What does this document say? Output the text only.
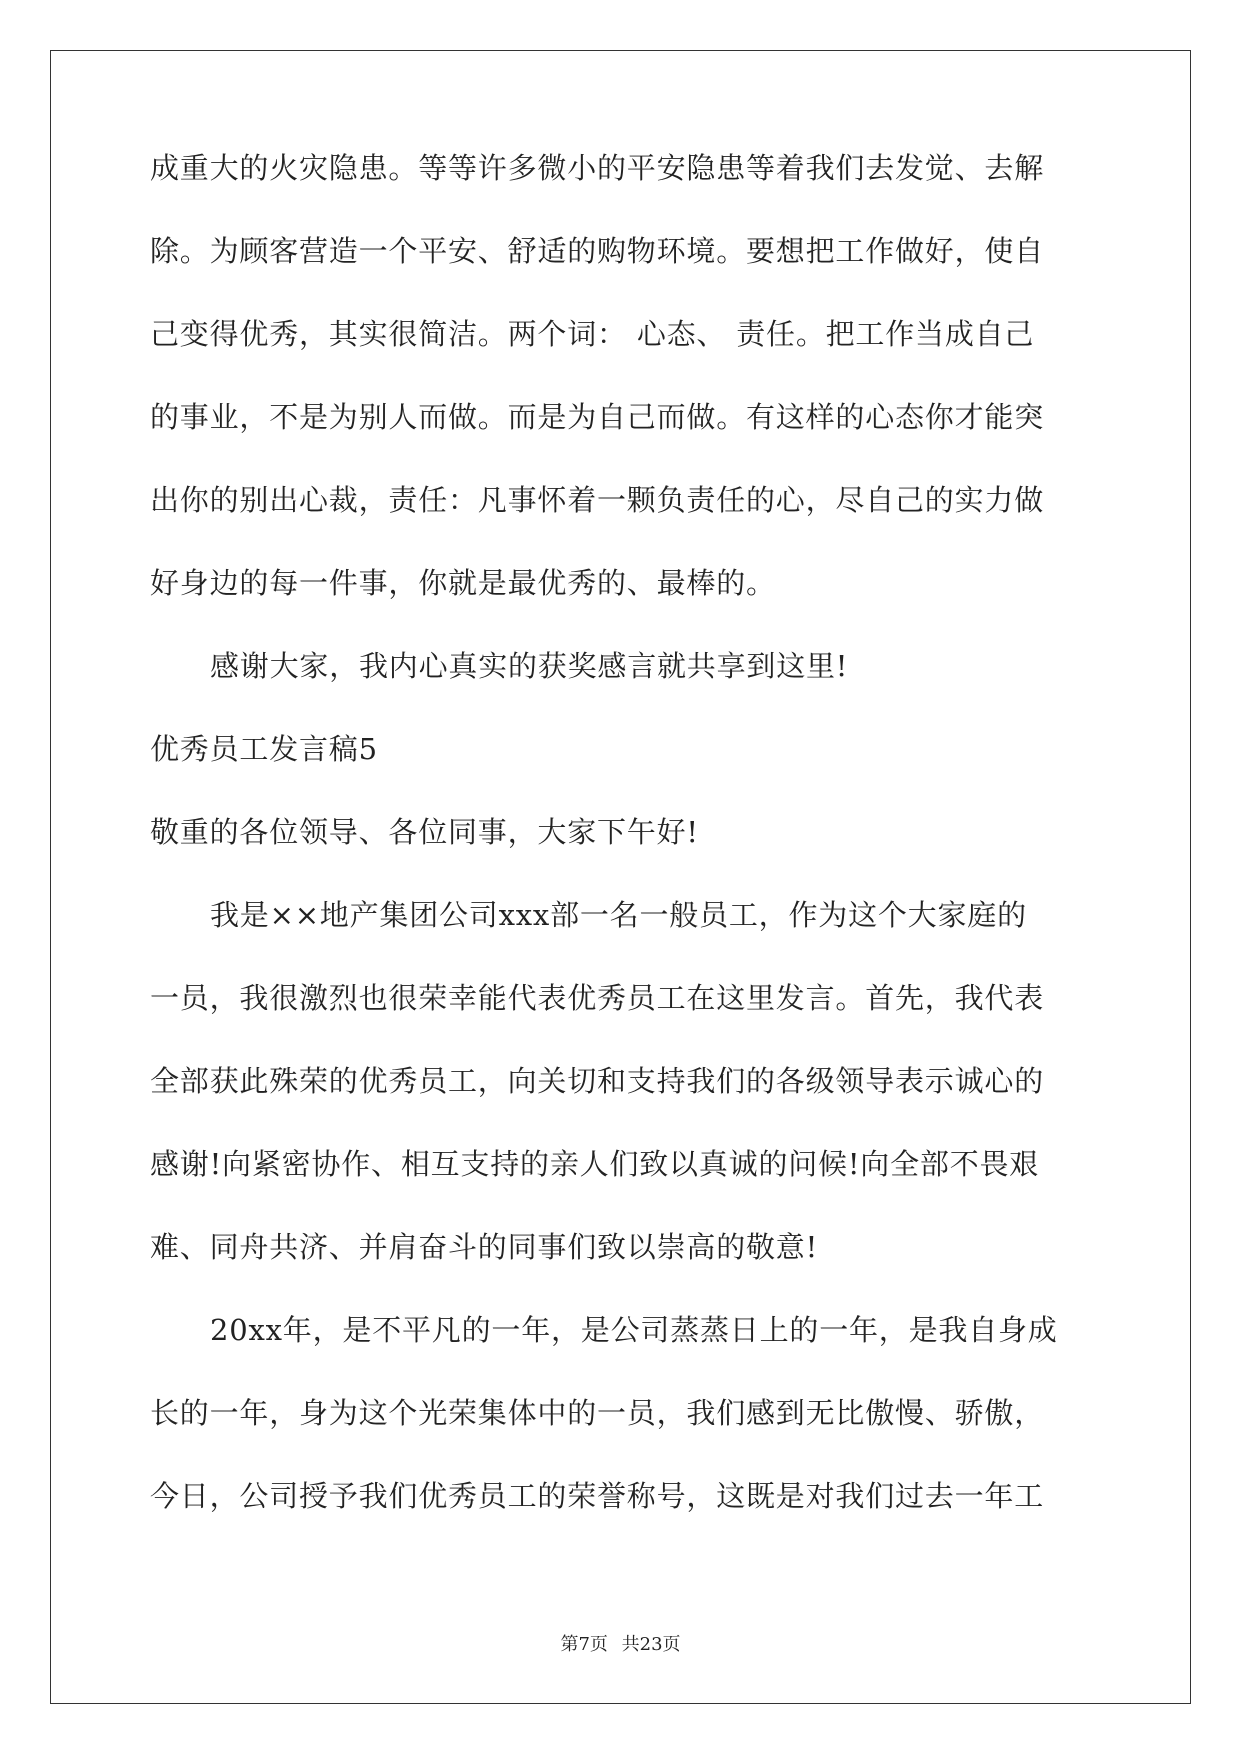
成重大的火灾隐患。等等许多微小的平安隐患等着我们去发觉、去解
除。为顾客营造一个平安、舒适的购物环境。要想把工作做好，使自
己变得优秀，其实很简洁。两个词： 心态、 责任。把工作当成自己
的事业，不是为别人而做。而是为自己而做。有这样的心态你才能突
出你的别出心裁，责任：凡事怀着一颗负责任的心，尽自己的实力做
好身边的每一件事，你就是最优秀的、最棒的。
感谢大家，我内心真实的获奖感言就共享到这里!
优秀员工发言稿5
敬重的各位领导、各位同事，大家下午好!
我是××地产集团公司xxx部一名一般员工，作为这个大家庭的
一员，我很激烈也很荣幸能代表优秀员工在这里发言。首先，我代表
全部获此殊荣的优秀员工，向关切和支持我们的各级领导表示诚心的
感谢!向紧密协作、相互支持的亲人们致以真诚的问候!向全部不畏艰
难、同舟共济、并肩奋斗的同事们致以崇高的敬意!
20xx年，是不平凡的一年，是公司蒸蒸日上的一年，是我自身成
长的一年，身为这个光荣集体中的一员，我们感到无比傲慢、骄傲，
今日，公司授予我们优秀员工的荣誉称号，这既是对我们过去一年工
第7页 共23页
